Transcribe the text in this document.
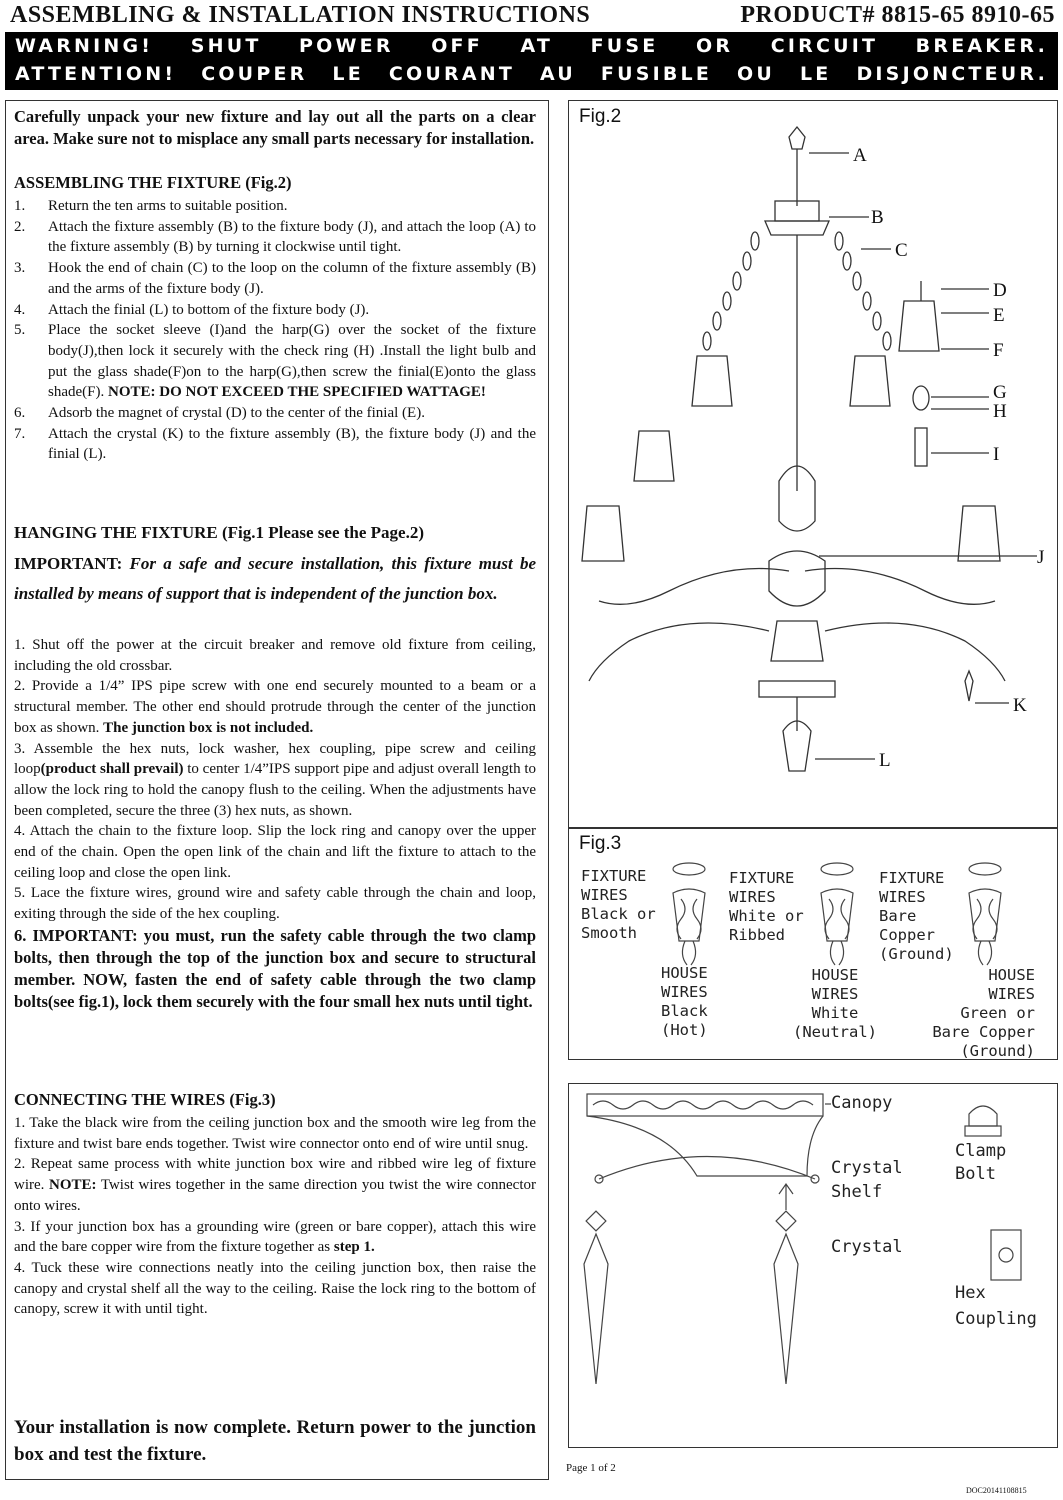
ASSEMBLING & INSTALLATION INSTRUCTIONS	PRODUCT# 8815-65 8910-65
WARNING! SHUT POWER OFF AT FUSE OR CIRCUIT BREAKER.
ATTENTION! COUPER LE COURANT AU FUSIBLE OU LE DISJONCTEUR.
Carefully unpack your new fixture and lay out all the parts on a clear area. Make sure not to misplace any small parts necessary for installation.
ASSEMBLING THE FIXTURE (Fig.2)
1. Return the ten arms to suitable position.
2. Attach the fixture assembly (B) to the fixture body (J), and attach the loop (A) to the fixture assembly (B) by turning it clockwise until tight.
3. Hook the end of chain (C) to the loop on the column of the fixture assembly (B) and the arms of the fixture body (J).
4. Attach the finial (L) to bottom of the fixture body (J).
5. Place the socket sleeve (I)and the harp(G) over the socket of the fixture body(J),then lock it securely with the check ring (H) .Install the light bulb and put the glass shade(F)on to the harp(G),then screw the finial(E)onto the glass shade(F). NOTE: DO NOT EXCEED THE SPECIFIED WATTAGE!
6. Adsorb the magnet of crystal (D) to the center of the finial (E).
7. Attach the crystal (K) to the fixture assembly (B), the fixture body (J) and the finial (L).
HANGING THE FIXTURE (Fig.1 Please see the Page.2)
IMPORTANT: For a safe and secure installation, this fixture must be installed by means of support that is independent of the junction box.
1. Shut off the power at the circuit breaker and remove old fixture from ceiling, including the old crossbar.
2. Provide a 1/4” IPS pipe screw with one end securely mounted to a beam or a structural member. The other end should protrude through the center of the junction box as shown. The junction box is not included.
3. Assemble the hex nuts, lock washer, hex coupling, pipe screw and ceiling loop(product shall prevail) to center 1/4”IPS support pipe and adjust overall length to allow the lock ring to hold the canopy flush to the ceiling. When the adjustments have been completed, secure the three (3) hex nuts, as shown.
4. Attach the chain to the fixture loop. Slip the lock ring and canopy over the upper end of the chain. Open the open link of the chain and lift the fixture to attach to the ceiling loop and close the open link.
5. Lace the fixture wires, ground wire and safety cable through the chain and loop, exiting through the side of the hex coupling.
6. IMPORTANT: you must, run the safety cable through the two clamp bolts, then through the top of the junction box and secure to structural member. NOW, fasten the end of safety cable through the two clamp bolts(see fig.1), lock them securely with the four small hex nuts until tight.
CONNECTING THE WIRES (Fig.3)
1. Take the black wire from the ceiling junction box and the smooth wire leg from the fixture and twist bare ends together. Twist wire connector onto end of wire until snug.
2. Repeat same process with white junction box wire and ribbed wire leg of fixture wire. NOTE: Twist wires together in the same direction you twist the wire connector onto wires.
3. If your junction box has a grounding wire (green or bare copper), attach this wire and the bare copper wire from the fixture together as step 1.
4. Tuck these wire connections neatly into the ceiling junction box, then raise the canopy and crystal shelf all the way to the ceiling. Raise the lock ring to the bottom of canopy, screw it with until tight.
Your installation is now complete. Return power to the junction box and test the fixture.
Fig.2
A
B
C
D
E
F
G
H
I
J
K
L
Fig.3
FIXTURE
WIRES
Black or
Smooth
HOUSE
WIRES
Black
(Hot)
FIXTURE
WIRES
White or
Ribbed
HOUSE
WIRES
White
(Neutral)
FIXTURE
WIRES
Bare
Copper
(Ground)
HOUSE
WIRES
Green or
Bare Copper
(Ground)
Canopy
Crystal
Shelf
Crystal
Clamp
Bolt
Hex
Coupling
Page 1 of 2
DOC20141108815
